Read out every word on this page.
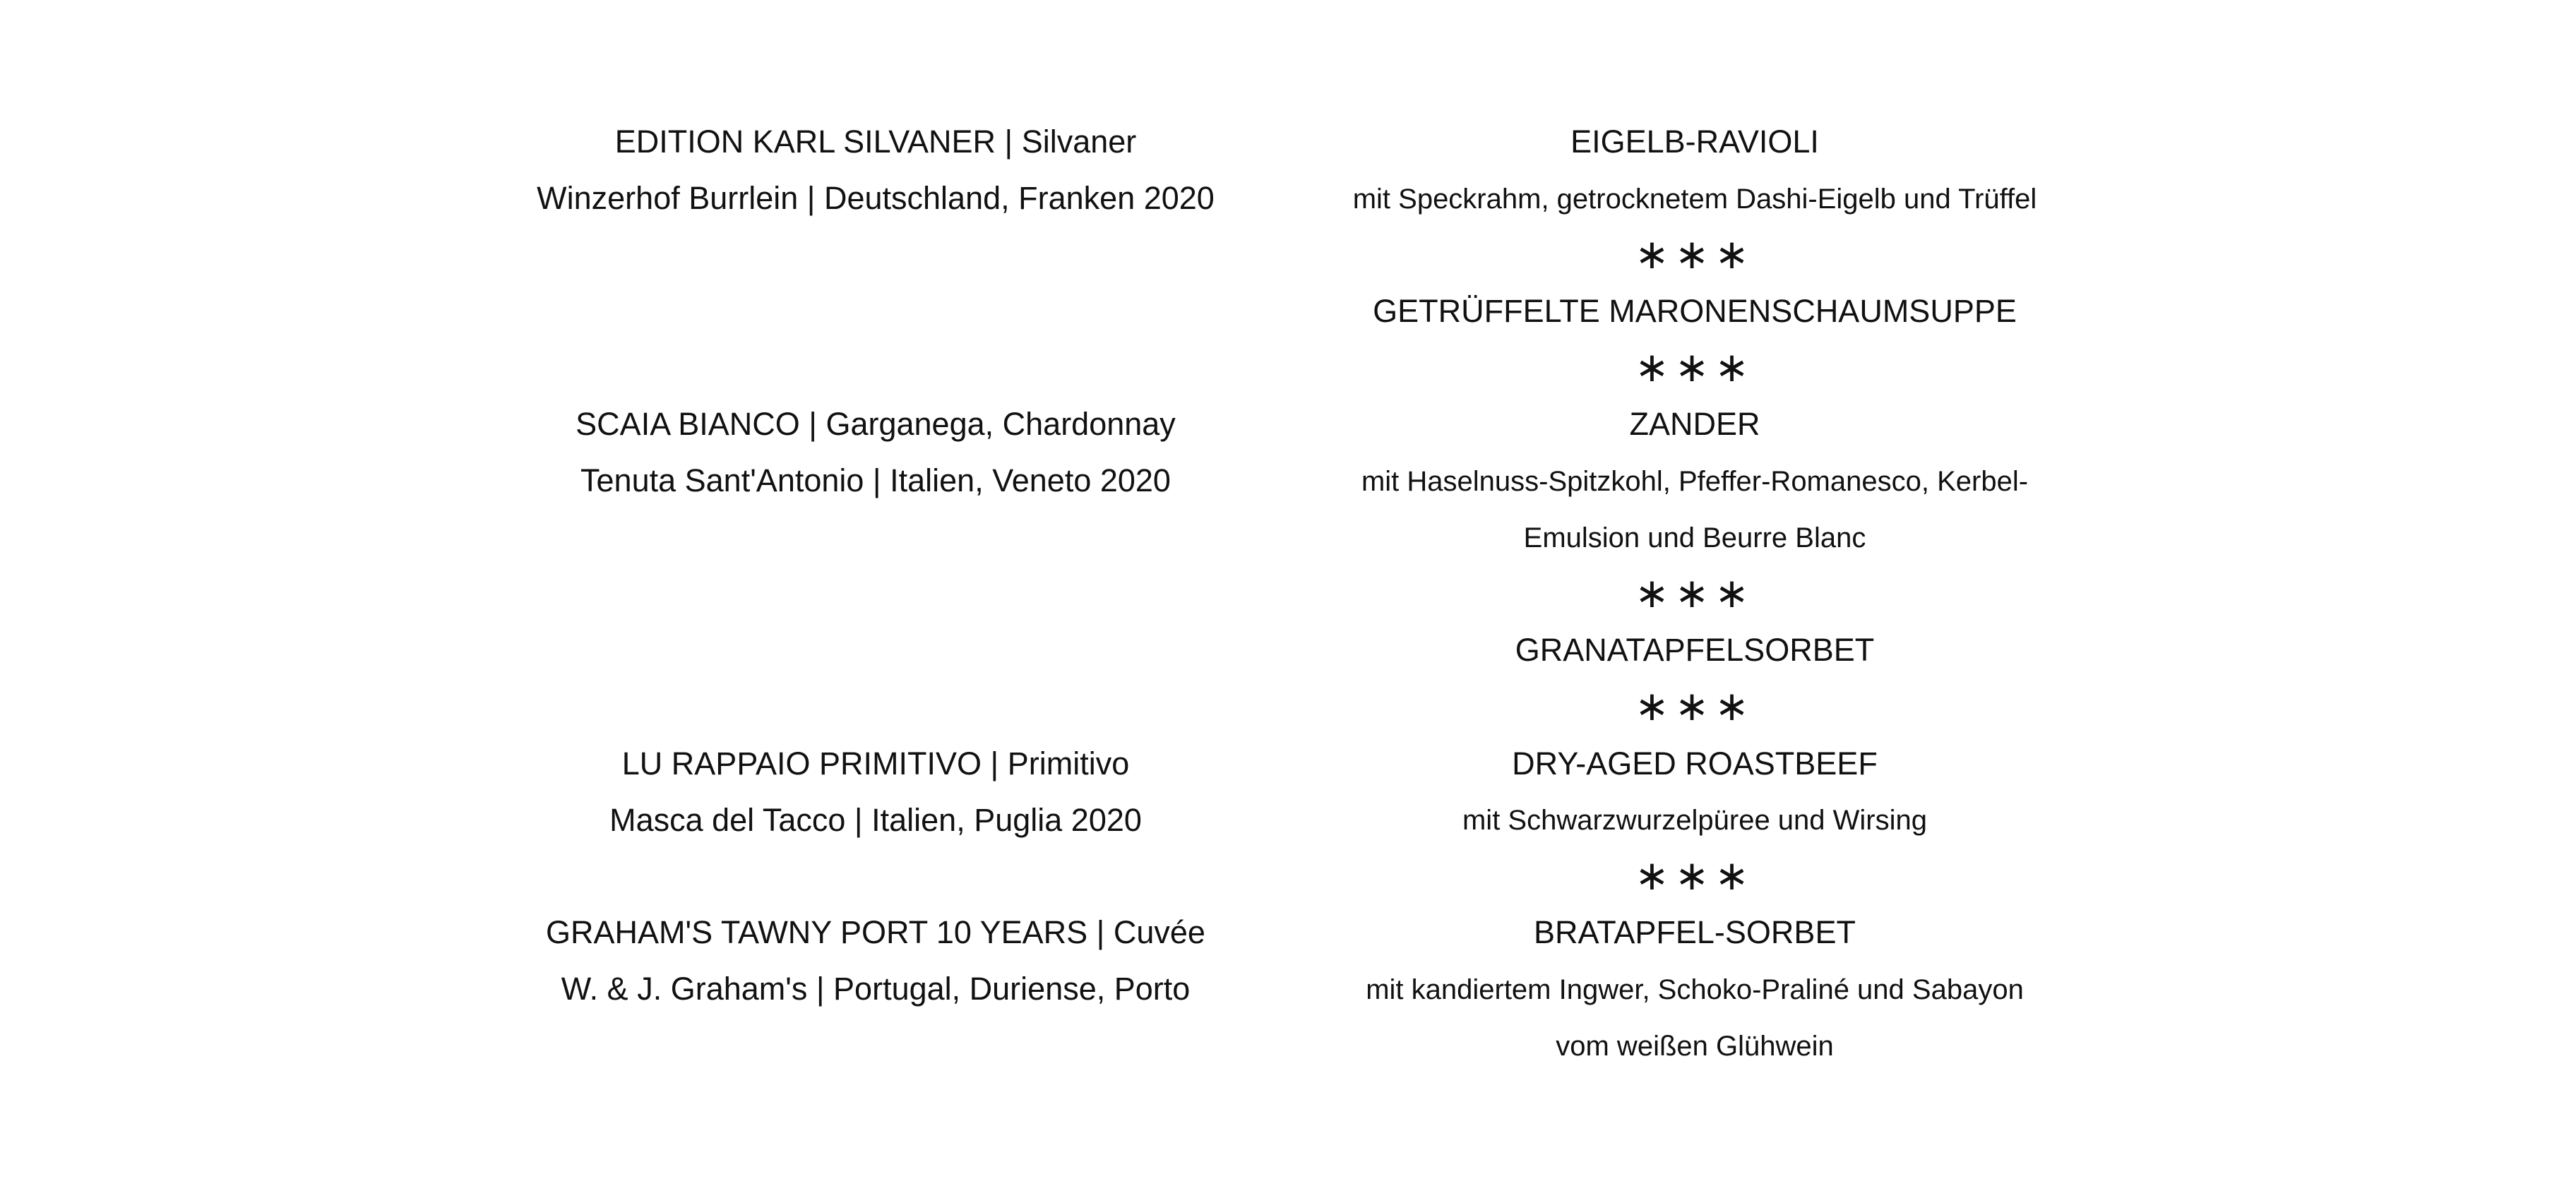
EDITION KARL SILVANER | Silvaner
Winzerhof Burrlein | Deutschland, Franken 2020
SCAIA BIANCO | Garganega, Chardonnay
Tenuta Sant'Antonio | Italien, Veneto 2020
LU RAPPAIO PRIMITIVO | Primitivo
Masca del Tacco | Italien, Puglia 2020
GRAHAM'S TAWNY PORT 10 YEARS | Cuvée
W. & J. Graham's | Portugal, Duriense, Porto
EIGELB-RAVIOLI
mit Speckrahm, getrocknetem Dashi-Eigelb und Trüffel
∗∗∗
GETRÜFFELTE MARONENSCHAUMSUPPE
∗∗∗
ZANDER
mit Haselnuss-Spitzkohl, Pfeffer-Romanesco, Kerbel-
Emulsion und Beurre Blanc
∗∗∗
GRANATAPFELSORBET
∗∗∗
DRY-AGED ROASTBEEF
mit Schwarzwurzelpüree und Wirsing
∗∗∗
BRATAPFEL-SORBET
mit kandiertem Ingwer, Schoko-Praliné und Sabayon
vom weißen Glühwein
